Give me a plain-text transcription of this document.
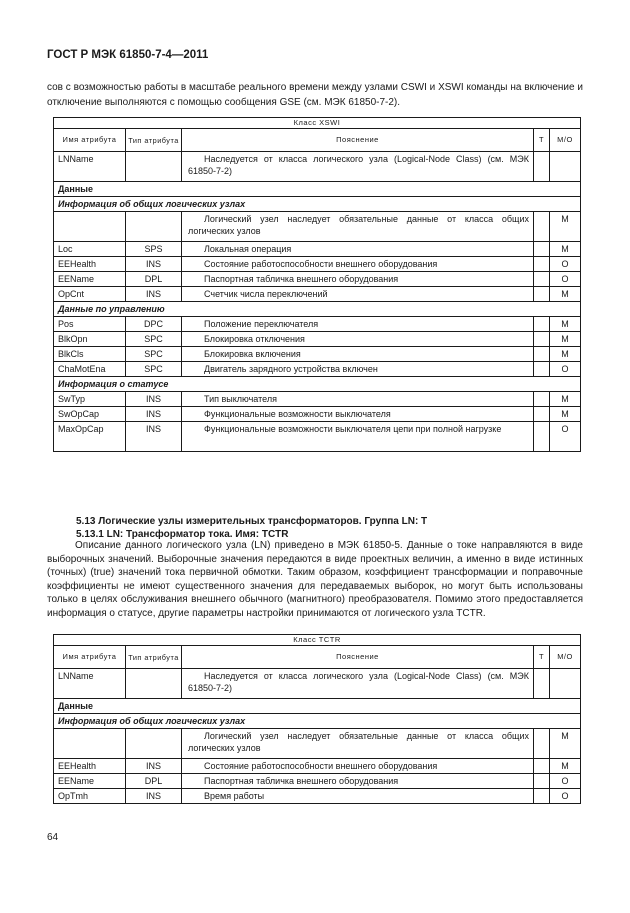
ГОСТ Р МЭК 61850-7-4—2011

сов с возможностью работы в масштабе реального времени между узлами CSWI и XSWI команды на включение и отключение выполняются с помощью сообщения GSE (см. МЭК 61850-7-2).

Класс XSWI				
Имя атрибута	Тип атрибута	Пояснение	Т	М/О
LNName		Наследуется от класса логического узла (Logical-Node Class) (см. МЭК 61850-7-2)		
Данные				
Информация об общих логических узлах				
		Логический узел наследует обязательные данные от класса общих логических узлов		М
Loc	SPS	Локальная операция		М
EEHealth	INS	Состояние работоспособности внешнего оборудования		О
EEName	DPL	Паспортная табличка внешнего оборудования		О
OpCnt	INS	Счетчик числа переключений		М
Данные по управлению				
Pos	DPC	Положение переключателя		М
BlkOpn	SPC	Блокировка отключения		М
BlkCls	SPC	Блокировка включения		М
ChaMotEna	SPC	Двигатель зарядного устройства включен		О
Информация о статусе				
SwTyp	INS	Тип выключателя		М
SwOpCap	INS	Функциональные возможности выключателя		М
MaxOpCap	INS	Функциональные возможности выключателя цепи при полной нагрузке		О
5.13 Логические узлы измерительных трансформаторов. Группа LN: T
5.13.1 LN: Трансформатор тока. Имя: TCTR

Описание данного логического узла (LN) приведено в МЭК 61850-5. Данные о токе направляются в виде выборочных значений. Выборочные значения передаются в виде проектных величин, а именно в виде истинных (точных) (true) значений тока первичной обмотки. Таким образом, коэффициент трансформации и поправочные коэффициенты не имеют существенного значения для передаваемых выборок, но могут быть использованы только в целях обслуживания внешнего обычного (магнитного) преобразователя. Помимо этого предоставляется информация о статусе, другие параметры настройки принимаются от логического узла TCTR.

Класс TCTR				
Имя атрибута	Тип атрибута	Пояснение	Т	М/О
LNName		Наследуется от класса логического узла (Logical-Node Class) (см. МЭК 61850-7-2)		
Данные				
Информация об общих логических узлах				
		Логический узел наследует обязательные данные от класса общих логических узлов		М
EEHealth	INS	Состояние работоспособности внешнего оборудования		М
EEName	DPL	Паспортная табличка внешнего оборудования		О
OpTmh	INS	Время работы		О
64
